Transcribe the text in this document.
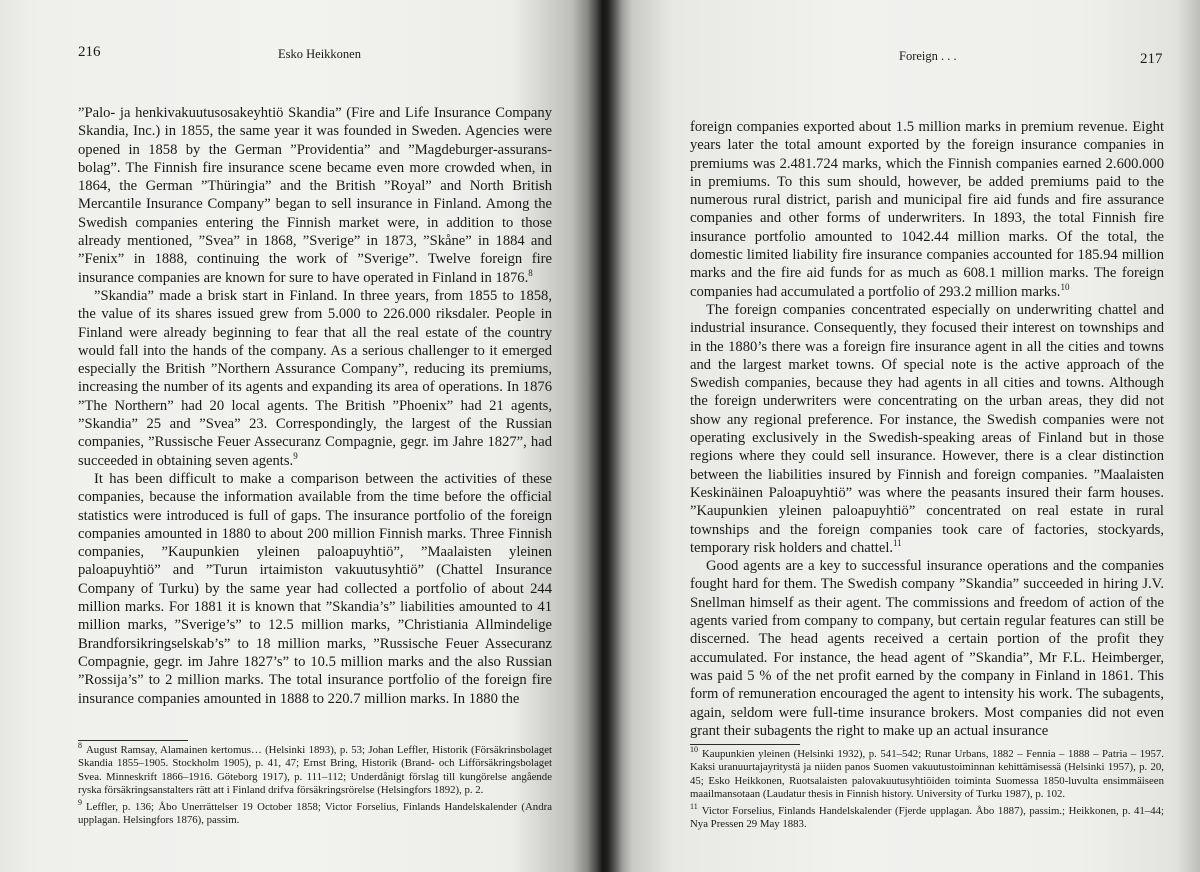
216	Esko Heikkonen

”Palo- ja henkivakuutusosakeyhtiö Skandia” (Fire and Life Insurance Company Skandia, Inc.) in 1855, the same year it was founded in Sweden. Agencies were opened in 1858 by the German ”Providentia” and ”Magdeburger-assurans-bolag”. The Finnish fire insurance scene became even more crowded when, in 1864, the German ”Thüringia” and the British ”Royal” and North British Mercantile Insurance Company” began to sell insurance in Finland. Among the Swedish companies entering the Finnish market were, in addition to those already mentioned, ”Svea” in 1868, ”Sverige” in 1873, ”Skåne” in 1884 and ”Fenix” in 1888, continuing the work of ”Sverige”. Twelve foreign fire insurance companies are known for sure to have operated in Finland in 1876.$^8$

”Skandia” made a brisk start in Finland. In three years, from 1855 to 1858, the value of its shares issued grew from 5.000 to 226.000 riksdaler. People in Finland were already beginning to fear that all the real estate of the country would fall into the hands of the company. As a serious challenger to it emerged especially the British ”Northern Assurance Company”, reducing its premiums, increasing the number of its agents and expanding its area of operations. In 1876 ”The Northern” had 20 local agents. The British ”Phoenix” had 21 agents, ”Skandia” 25 and ”Svea” 23. Correspondingly, the largest of the Russian companies, ”Russische Feuer Assecuranz Compagnie, gegr. im Jahre 1827”, had succeeded in obtaining seven agents.$^9$

It has been difficult to make a comparison between the activities of these companies, because the information available from the time before the official statistics were introduced is full of gaps. The insurance portfolio of the foreign companies amounted in 1880 to about 200 million Finnish marks. Three Finnish companies, ”Kaupunkien yleinen paloapuyhtiö”, ”Maalaisten yleinen paloapuyhtiö” and ”Turun irtaimiston vakuutusyhtiö” (Chattel Insurance Company of Turku) by the same year had collected a portfolio of about 244 million marks. For 1881 it is known that ”Skandia’s” liabilities amounted to 41 million marks, ”Sverige’s” to 12.5 million marks, ”Christiania Allmindelige Brandforsikringselskab’s” to 18 million marks, ”Russische Feuer Assecuranz Compagnie, gegr. im Jahre 1827’s” to 10.5 million marks and the also Russian ”Rossija’s” to 2 million marks. The total insurance portfolio of the foreign fire insurance companies amounted in 1888 to 220.7 million marks. In 1880 the

$^8$ August Ramsay, Alamainen kertomus… (Helsinki 1893), p. 53; Johan Leffler, Historik (Försäkrinsbolaget Skandia 1855–1905. Stockholm 1905), p. 41, 47; Ernst Bring, Historik (Brand- och Lifförsäkringsbolaget Svea. Minneskrift 1866–1916. Göteborg 1917), p. 111–112; Underdånigt förslag till kungörelse angående ryska försäkringsanstalters rätt att i Finland drifva försäkringsrörelse (Helsingfors 1892), p. 2.
$^9$ Leffler, p. 136; Åbo Unerrättelser 19 October 1858; Victor Forselius, Finlands Handelskalender (Andra upplagan. Helsingfors 1876), passim.
Foreign . . .	217

foreign companies exported about 1.5 million marks in premium revenue. Eight years later the total amount exported by the foreign insurance companies in premiums was 2.481.724 marks, which the Finnish companies earned 2.600.000 in premiums. To this sum should, however, be added premiums paid to the numerous rural district, parish and municipal fire aid funds and fire assurance companies and other forms of underwriters. In 1893, the total Finnish fire insurance portfolio amounted to 1042.44 million marks. Of the total, the domestic limited liability fire insurance companies accounted for 185.94 million marks and the fire aid funds for as much as 608.1 million marks. The foreign companies had accumulated a portfolio of 293.2 million marks.$^{10}$

The foreign companies concentrated especially on underwriting chattel and industrial insurance. Consequently, they focused their interest on townships and in the 1880’s there was a foreign fire insurance agent in all the cities and towns and the largest market towns. Of special note is the active approach of the Swedish companies, because they had agents in all cities and towns. Although the foreign underwriters were concentrating on the urban areas, they did not show any regional preference. For instance, the Swedish companies were not operating exclusively in the Swedish-speaking areas of Finland but in those regions where they could sell insurance. However, there is a clear distinction between the liabilities insured by Finnish and foreign companies. ”Maalaisten Keskinäinen Paloapuyhtiö” was where the peasants insured their farm houses. ”Kaupunkien yleinen paloapuyhtiö” concentrated on real estate in rural townships and the foreign companies took care of factories, stockyards, temporary risk holders and chattel.$^{11}$

Good agents are a key to successful insurance operations and the companies fought hard for them. The Swedish company ”Skandia” succeeded in hiring J.V. Snellman himself as their agent. The commissions and freedom of action of the agents varied from company to company, but certain regular features can still be discerned. The head agents received a certain portion of the profit they accumulated. For instance, the head agent of ”Skandia”, Mr F.L. Heimberger, was paid 5 % of the net profit earned by the company in Finland in 1861. This form of remuneration encouraged the agent to intensity his work. The subagents, again, seldom were full-time insurance brokers. Most companies did not even grant their subagents the right to make up an actual insurance

$^{10}$ Kaupunkien yleinen (Helsinki 1932), p. 541–542; Runar Urbans, 1882 – Fennia – 1888 – Patria – 1957. Kaksi uranuurtajayritystä ja niiden panos Suomen vakuutustoiminnan kehittämisessä (Helsinki 1957), p. 20, 45; Esko Heikkonen, Ruotsalaisten palovakuutusyhtiöiden toiminta Suomessa 1850-luvulta ensimmäiseen maailmansotaan (Laudatur thesis in Finnish history. University of Turku 1987), p. 102.
$^{11}$ Victor Forselius, Finlands Handelskalender (Fjerde upplagan. Åbo 1887), passim.; Heikkonen, p. 41–44; Nya Pressen 29 May 1883.
